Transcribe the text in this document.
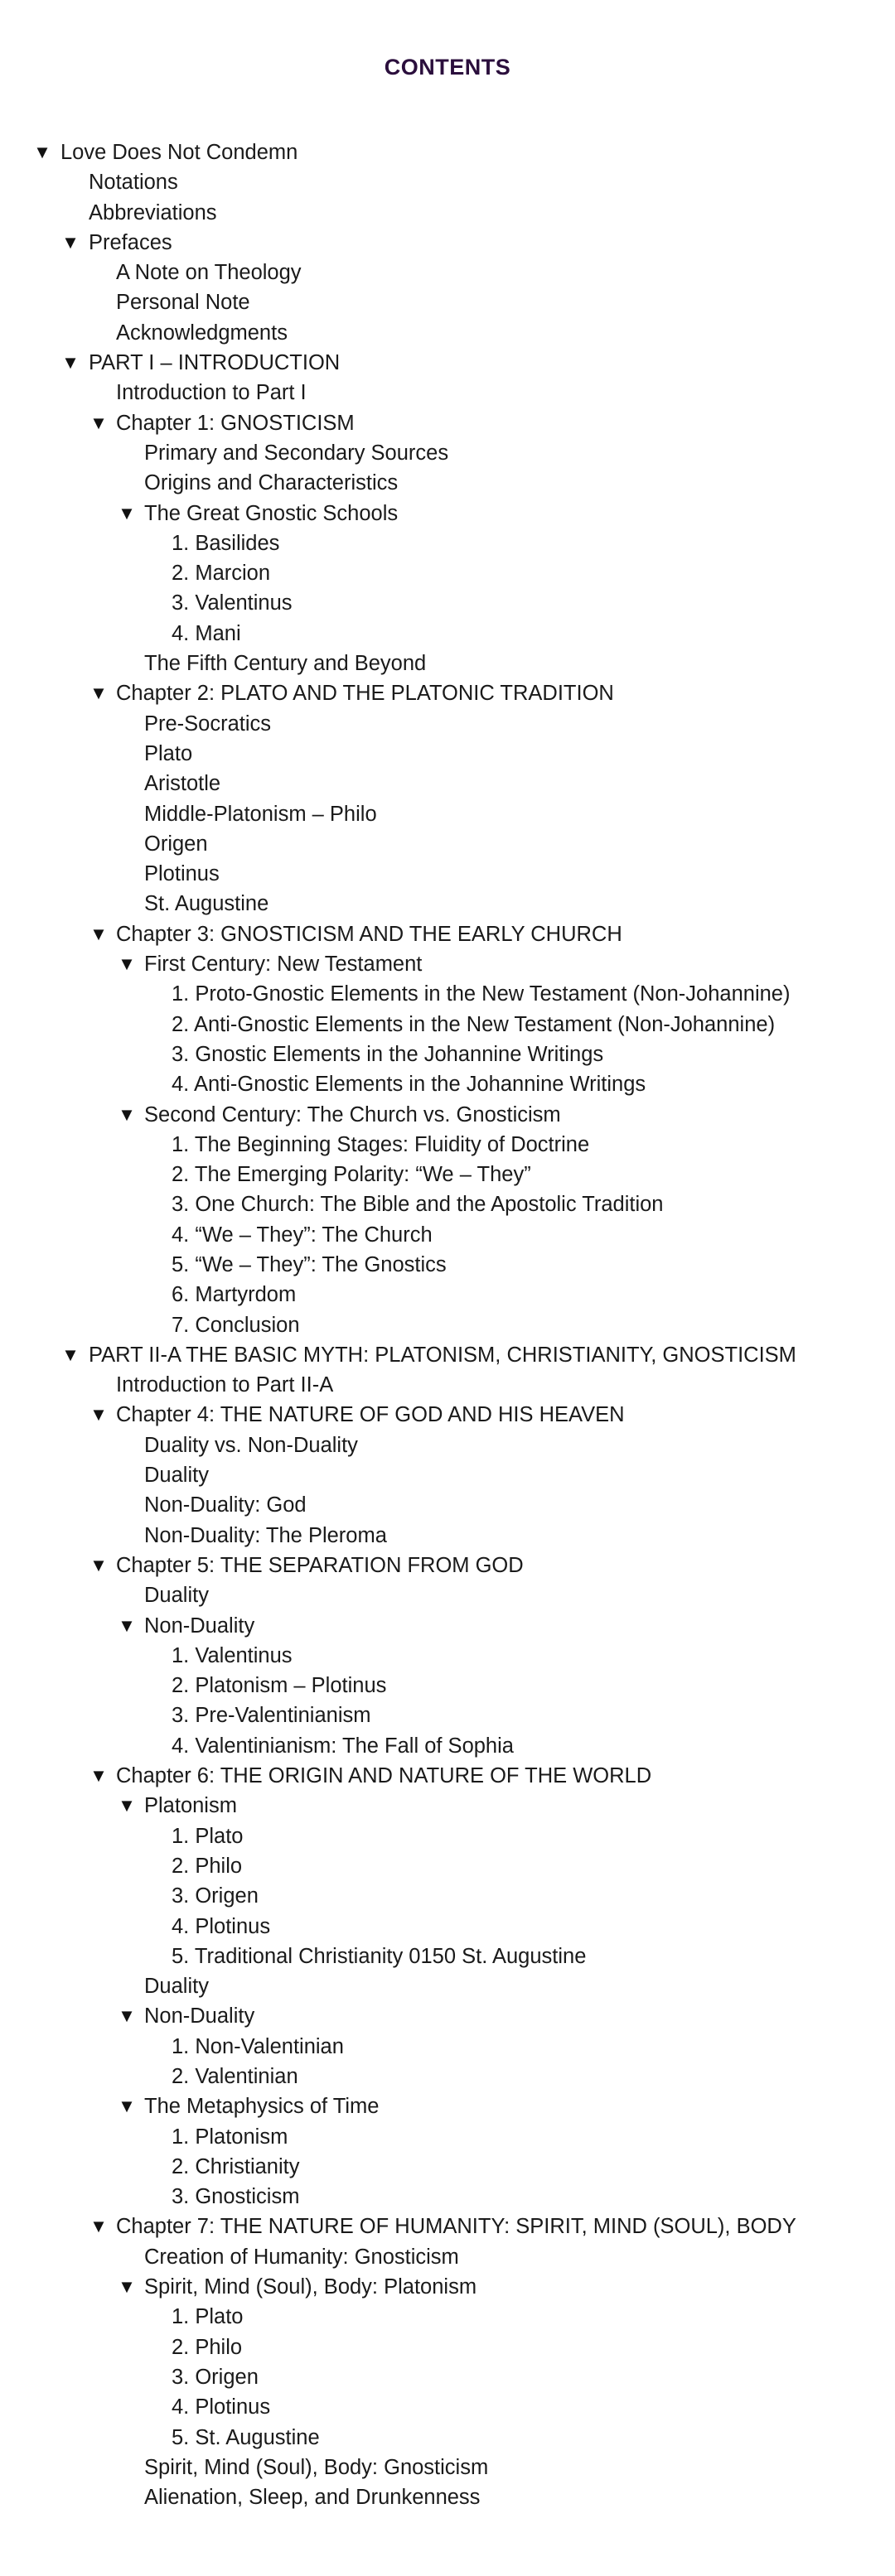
CONTENTS
▼ Love Does Not Condemn
Notations
Abbreviations
▼ Prefaces
A Note on Theology
Personal Note
Acknowledgments
▼ PART I – INTRODUCTION
Introduction to Part I
▼ Chapter 1: GNOSTICISM
Primary and Secondary Sources
Origins and Characteristics
▼ The Great Gnostic Schools
1. Basilides
2. Marcion
3. Valentinus
4. Mani
The Fifth Century and Beyond
▼ Chapter 2: PLATO AND THE PLATONIC TRADITION
Pre-Socratics
Plato
Aristotle
Middle-Platonism – Philo
Origen
Plotinus
St. Augustine
▼ Chapter 3: GNOSTICISM AND THE EARLY CHURCH
▼ First Century: New Testament
1. Proto-Gnostic Elements in the New Testament (Non-Johannine)
2. Anti-Gnostic Elements in the New Testament (Non-Johannine)
3. Gnostic Elements in the Johannine Writings
4. Anti-Gnostic Elements in the Johannine Writings
▼ Second Century: The Church vs. Gnosticism
1. The Beginning Stages: Fluidity of Doctrine
2. The Emerging Polarity: “We – They”
3. One Church: The Bible and the Apostolic Tradition
4. “We – They”: The Church
5. “We – They”: The Gnostics
6. Martyrdom
7. Conclusion
▼ PART II-A THE BASIC MYTH: PLATONISM, CHRISTIANITY, GNOSTICISM
Introduction to Part II-A
▼ Chapter 4: THE NATURE OF GOD AND HIS HEAVEN
Duality vs. Non-Duality
Duality
Non-Duality: God
Non-Duality: The Pleroma
▼ Chapter 5: THE SEPARATION FROM GOD
Duality
▼ Non-Duality
1. Valentinus
2. Platonism – Plotinus
3. Pre-Valentinianism
4. Valentinianism: The Fall of Sophia
▼ Chapter 6: THE ORIGIN AND NATURE OF THE WORLD
▼ Platonism
1. Plato
2. Philo
3. Origen
4. Plotinus
5. Traditional Christianity 0150 St. Augustine
Duality
▼ Non-Duality
1. Non-Valentinian
2. Valentinian
▼ The Metaphysics of Time
1. Platonism
2. Christianity
3. Gnosticism
▼ Chapter 7: THE NATURE OF HUMANITY: SPIRIT, MIND (SOUL), BODY
Creation of Humanity: Gnosticism
▼ Spirit, Mind (Soul), Body: Platonism
1. Plato
2. Philo
3. Origen
4. Plotinus
5. St. Augustine
Spirit, Mind (Soul), Body: Gnosticism
Alienation, Sleep, and Drunkenness
